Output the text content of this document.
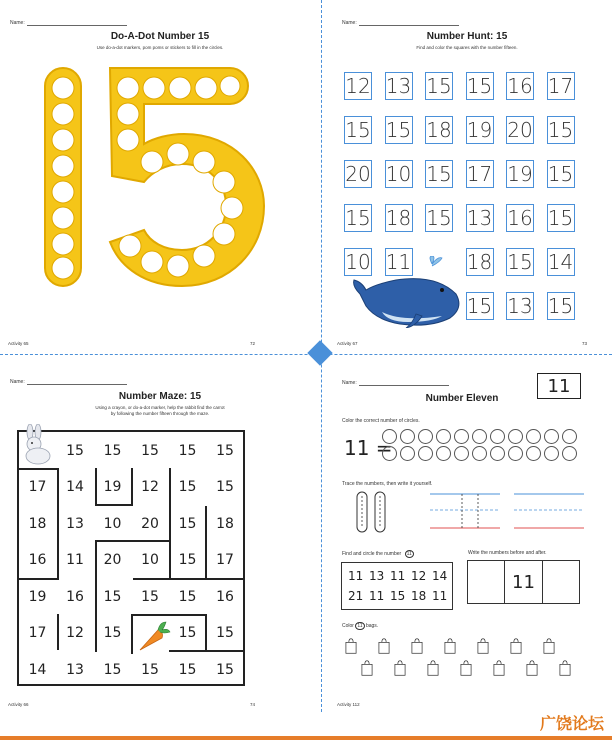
Name:
Do-A-Dot Number 15
Use do-a-dot markers, pom poms or stickers to fill in the circles.
Activity 65	72
Name:
Number Hunt: 15
Find and color the squares with the number fifteen.
12 13 15 15 16 17
15 15 18 19 20 15
20 10 15 17 19 15
15 18 15 13 16 15
10 11	18 15 14
15 13 15
Activity 67	73
Name:
Number Maze: 15
Using a crayon, or do-a-dot marker, help the rabbit find the carrot
by following the number fifteen through the maze.
15	15	15	15	15
17	14	19	12	15	15
18	13	10	20	15	18
16	11	20	10	15	17
19	16	15	15	15	16
17	12	15	15	15
14	13	15	15	15	15
Activity 66	74
Name:	11
Number Eleven
Color the correct number of circles.
11 =
Trace the numbers, then write it yourself.
Find and circle the number 11
11 13 11 12 14
21 11 15 18 11
Write the numbers before and after.
11
Color 11 bags.
Activity 112
广饶论坛
